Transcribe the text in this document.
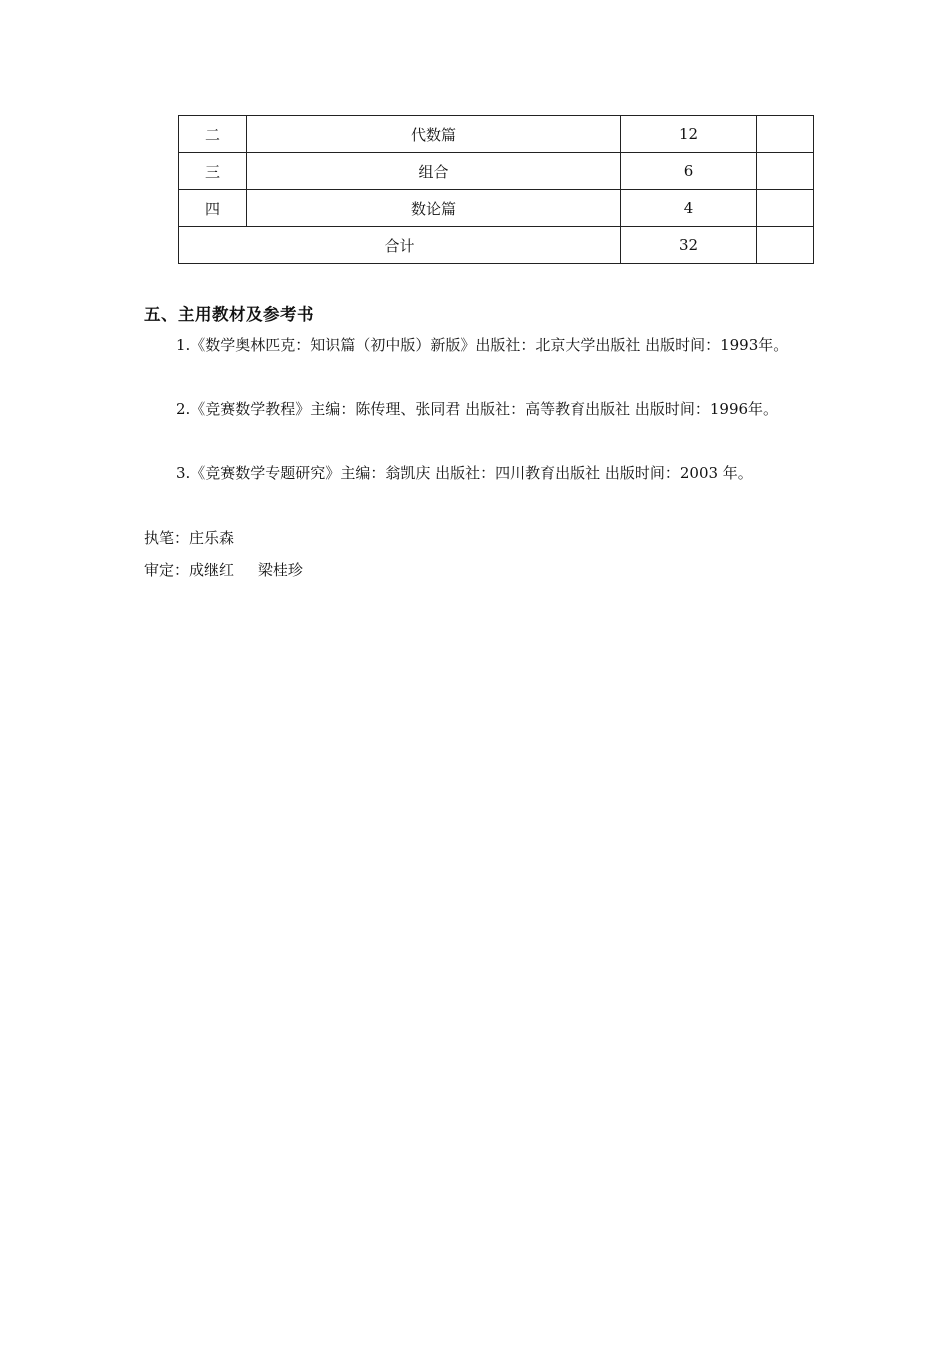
二	代数篇	12	
三	组合	6	
四	数论篇	4	
合计		32	
五、主用教材及参考书
1.《数学奥林匹克：知识篇（初中版）新版》出版社：北京大学出版社 出版时间：1993年。
2.《竞赛数学教程》主编：陈传理、张同君 出版社：高等教育出版社 出版时间：1996年。
3.《竞赛数学专题研究》主编：翁凯庆 出版社：四川教育出版社 出版时间：2003 年。
执笔：庄乐森
审定：成继红     梁桂珍
